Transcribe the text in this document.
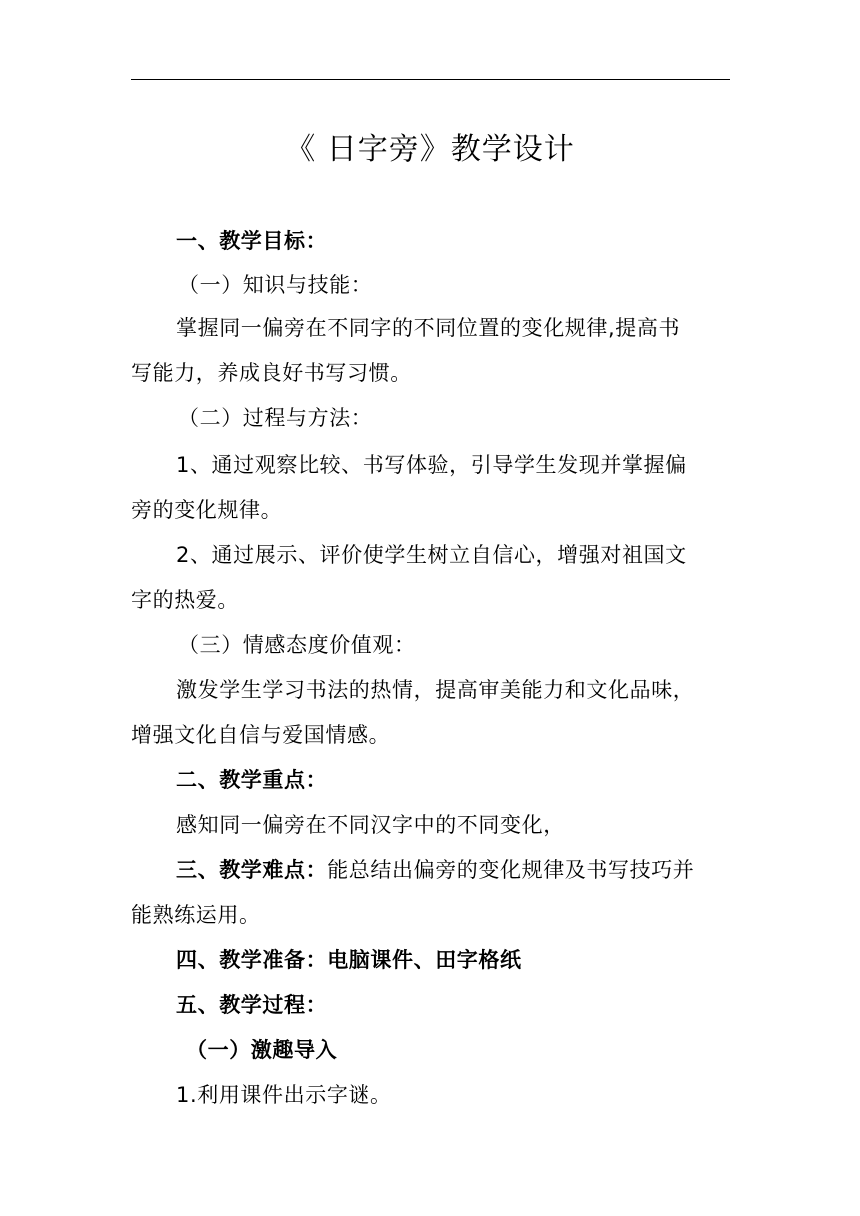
《 日字旁》教学设计
一、教学目标：
（一）知识与技能：
掌握同一偏旁在不同字的不同位置的变化规律,提高书
写能力，养成良好书写习惯。
（二）过程与方法：
1、通过观察比较、书写体验，引导学生发现并掌握偏
旁的变化规律。
2、通过展示、评价使学生树立自信心，增强对祖国文
字的热爱。
（三）情感态度价值观：
激发学生学习书法的热情，提高审美能力和文化品味，
增强文化自信与爱国情感。
二、教学重点：
感知同一偏旁在不同汉字中的不同变化，
三、教学难点：能总结出偏旁的变化规律及书写技巧并
能熟练运用。
四、教学准备：电脑课件、田字格纸
五、教学过程：
（一）激趣导入
1.利用课件出示字谜。
